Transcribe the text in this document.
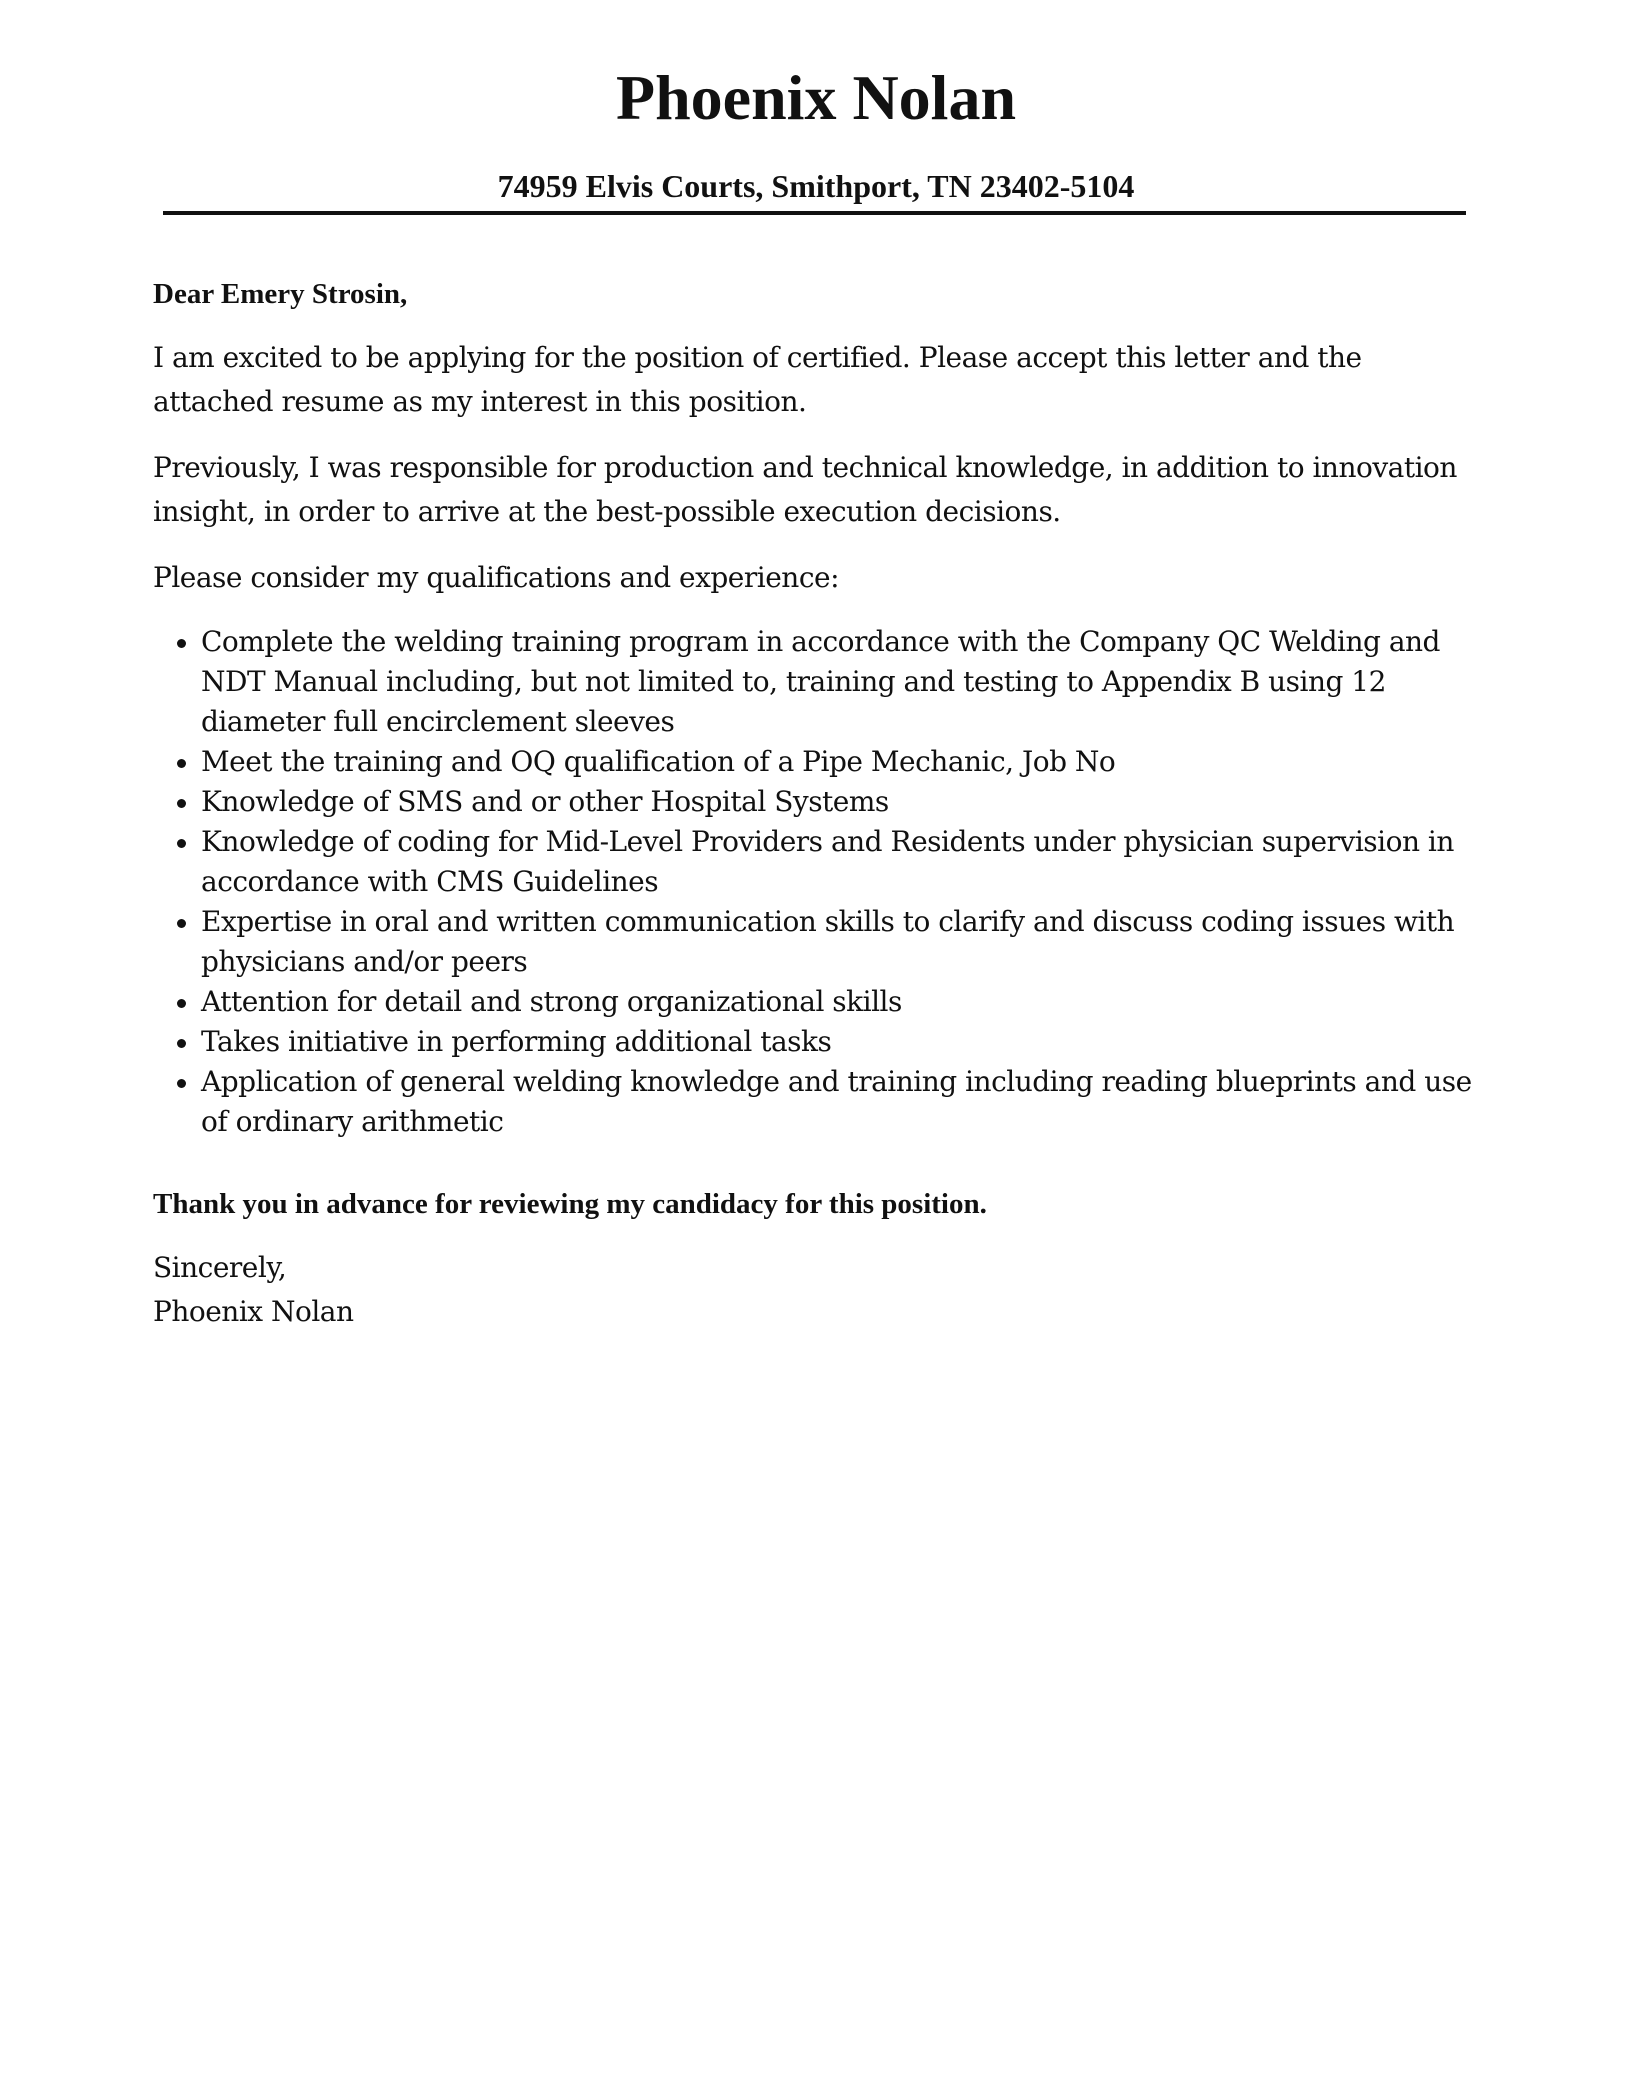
Phoenix Nolan
74959 Elvis Courts, Smithport, TN 23402-5104

Dear Emery Strosin,

I am excited to be applying for the position of certified. Please accept this letter and the attached resume as my interest in this position.

Previously, I was responsible for production and technical knowledge, in addition to innovation insight, in order to arrive at the best-possible execution decisions.

Please consider my qualifications and experience:

Complete the welding training program in accordance with the Company QC Welding and NDT Manual including, but not limited to, training and testing to Appendix B using 12 diameter full encirclement sleeves
Meet the training and OQ qualification of a Pipe Mechanic, Job No
Knowledge of SMS and or other Hospital Systems
Knowledge of coding for Mid-Level Providers and Residents under physician supervision in accordance with CMS Guidelines
Expertise in oral and written communication skills to clarify and discuss coding issues with physicians and/or peers
Attention for detail and strong organizational skills
Takes initiative in performing additional tasks
Application of general welding knowledge and training including reading blueprints and use of ordinary arithmetic

Thank you in advance for reviewing my candidacy for this position.

Sincerely,
Phoenix Nolan
